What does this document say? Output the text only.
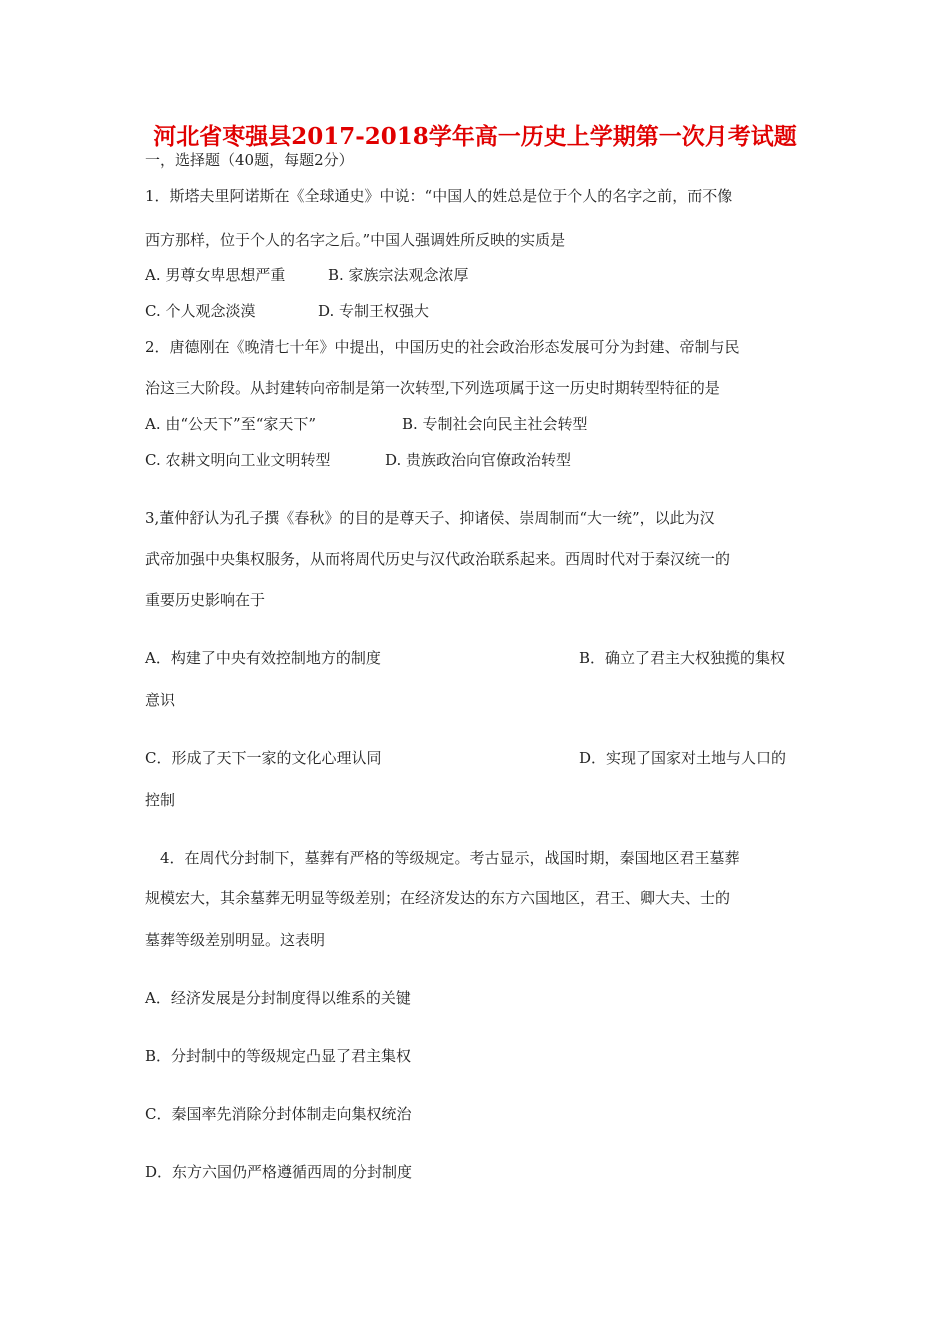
河北省枣强县2017-2018学年高一历史上学期第一次月考试题
一，选择题（40题，每题2分）
1．斯塔夫里阿诺斯在《全球通史》中说：“中国人的姓总是位于个人的名字之前，而不像
西方那样，位于个人的名字之后。”中国人强调姓所反映的实质是
A. 男尊女卑思想严重	B. 家族宗法观念浓厚
C. 个人观念淡漠	D. 专制王权强大
2．唐德刚在《晚清七十年》中提出，中国历史的社会政治形态发展可分为封建、帝制与民
治这三大阶段。从封建转向帝制是第一次转型,下列选项属于这一历史时期转型特征的是
A. 由“公天下”至“家天下”	B. 专制社会向民主社会转型
C. 农耕文明向工业文明转型	D. 贵族政治向官僚政治转型
3,董仲舒认为孔子撰《春秋》的目的是尊天子、抑诸侯、崇周制而“大一统”，以此为汉
武帝加强中央集权服务，从而将周代历史与汉代政治联系起来。西周时代对于秦汉统一的
重要历史影响在于
A．构建了中央有效控制地方的制度	B．确立了君主大权独揽的集权
意识
C．形成了天下一家的文化心理认同	D．实现了国家对土地与人口的
控制
4．在周代分封制下，墓葬有严格的等级规定。考古显示，战国时期，秦国地区君王墓葬
规模宏大，其余墓葬无明显等级差别；在经济发达的东方六国地区，君王、卿大夫、士的
墓葬等级差别明显。这表明
A．经济发展是分封制度得以维系的关键
B．分封制中的等级规定凸显了君主集权
C．秦国率先消除分封体制走向集权统治
D．东方六国仍严格遵循西周的分封制度
